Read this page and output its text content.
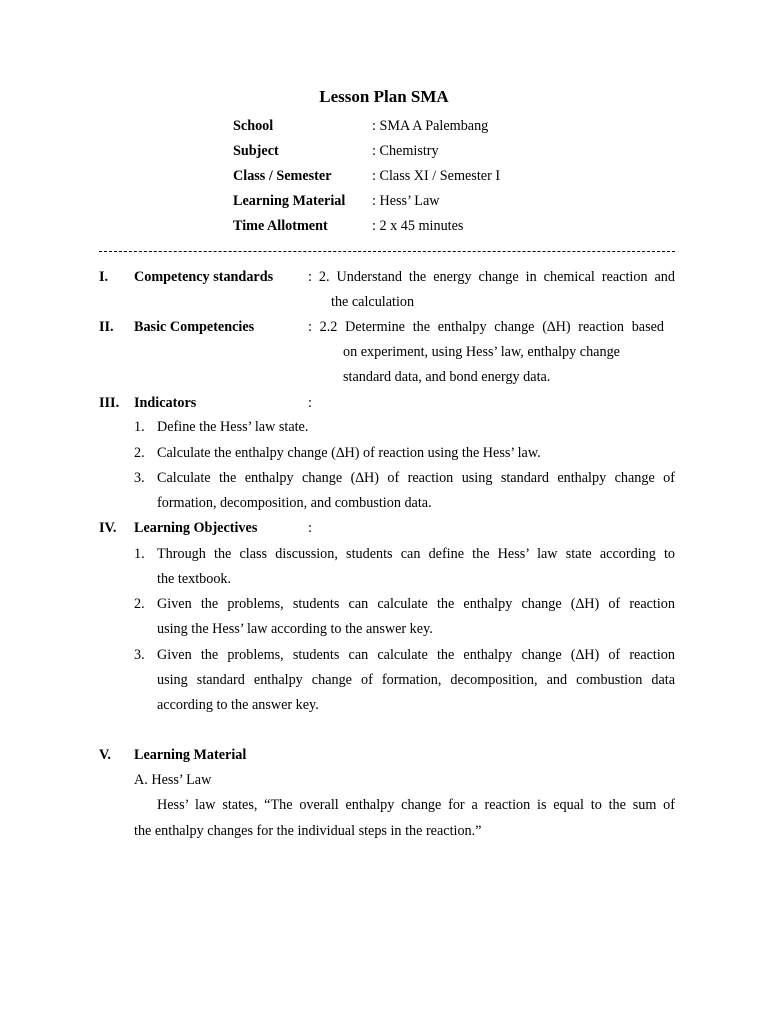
Lesson Plan SMA
School	: SMA A Palembang
Subject	: Chemistry
Class / Semester	: Class XI / Semester I
Learning Material : Hess’ Law
Time Allotment	: 2 x 45 minutes
I. Competency standards : 2. Understand the energy change in chemical reaction and
the calculation
II. Basic Competencies	: 2.2 Determine the enthalpy change (∆H) reaction based
on experiment, using Hess’ law, enthalpy change
standard data, and bond energy data.
III. Indicators	:
1. Define the Hess’ law state.
2. Calculate the enthalpy change (∆H) of reaction using the Hess’ law.
3. Calculate the enthalpy change (∆H) of reaction using standard enthalpy change of
formation, decomposition, and combustion data.
IV. Learning Objectives	:
1. Through the class discussion, students can define the Hess’ law state according to
the textbook.
2. Given the problems, students can calculate the enthalpy change (∆H) of reaction
using the Hess’ law according to the answer key.
3. Given the problems, students can calculate the enthalpy change (∆H) of reaction
using standard enthalpy change of formation, decomposition, and combustion data
according to the answer key.
V. Learning Material
A. Hess’ Law
Hess’ law states, “The overall enthalpy change for a reaction is equal to the sum of
the enthalpy changes for the individual steps in the reaction.”
